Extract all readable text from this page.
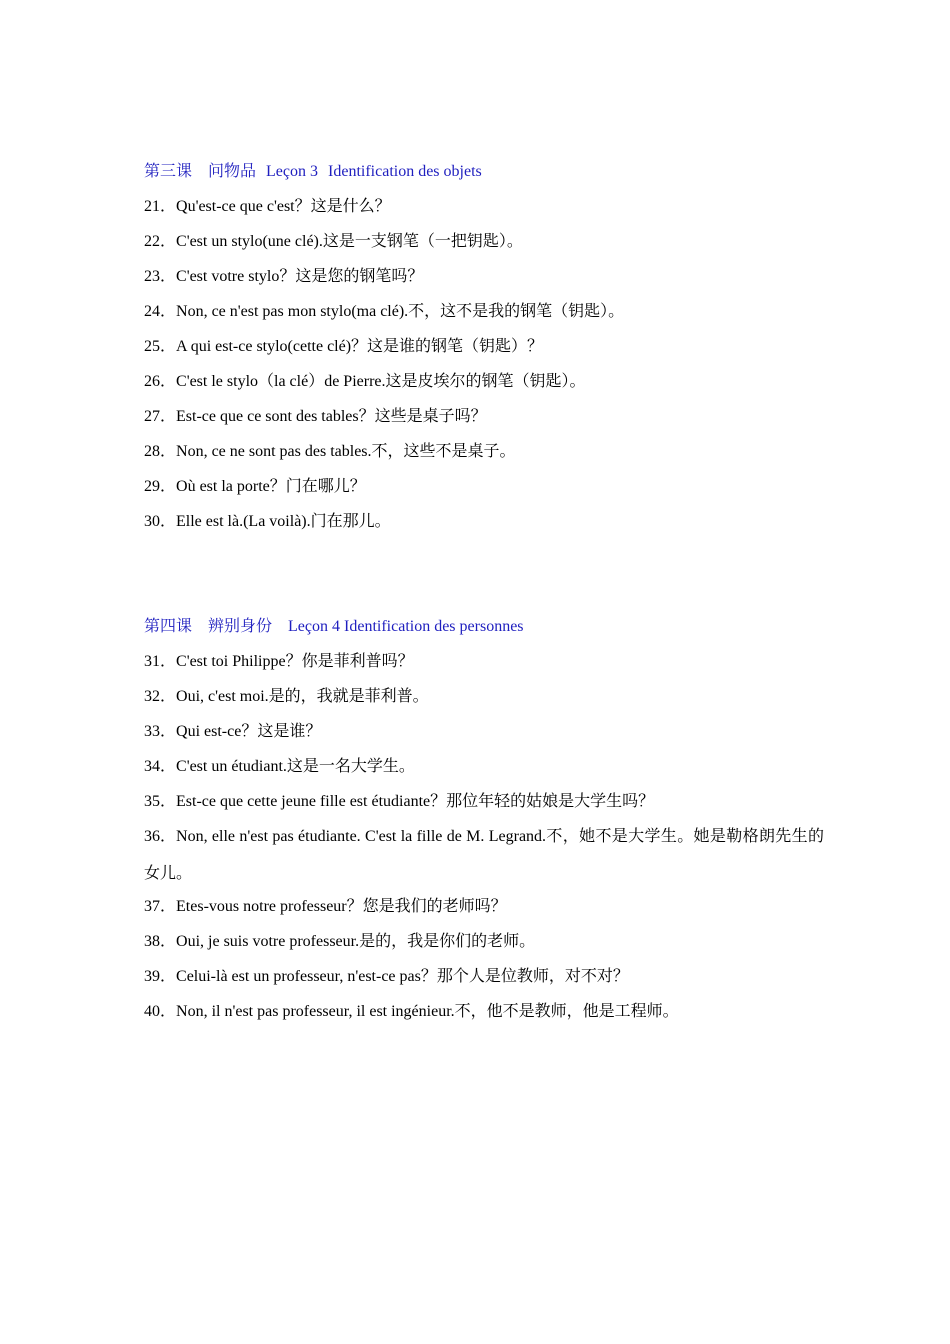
第三课 问物品 Leçon 3 Identification des objets
21．Qu'est-ce que c'est？这是什么？
22．C'est un stylo(une clé).这是一支钢笔（一把钥匙）。
23．C'est votre stylo？这是您的钢笔吗？
24．Non, ce n'est pas mon stylo(ma clé).不，这不是我的钢笔（钥匙）。
25．A qui est-ce stylo(cette clé)？这是谁的钢笔（钥匙）？
26．C'est le stylo（la clé）de Pierre.这是皮埃尔的钢笔（钥匙）。
27．Est-ce que ce sont des tables？这些是桌子吗？
28．Non, ce ne sont pas des tables.不，这些不是桌子。
29．Où est la porte？门在哪儿？
30．Elle est là.(La voilà).门在那儿。
第四课 辨别身份 Leçon 4 Identification des personnes
31．C'est toi Philippe？你是菲利普吗？
32．Oui, c'est moi.是的，我就是菲利普。
33．Qui est-ce？这是谁？
34．C'est un étudiant.这是一名大学生。
35．Est-ce que cette jeune fille est étudiante？那位年轻的姑娘是大学生吗？
36．Non, elle n'est pas étudiante. C'est la fille de M. Legrand.不，她不是大学生。她是勒格朗先生的女儿。
37．Etes-vous notre professeur？您是我们的老师吗？
38．Oui, je suis votre professeur.是的，我是你们的老师。
39．Celui-là est un professeur, n'est-ce pas？那个人是位教师，对不对？
40．Non, il n'est pas professeur, il est ingénieur.不，他不是教师，他是工程师。
